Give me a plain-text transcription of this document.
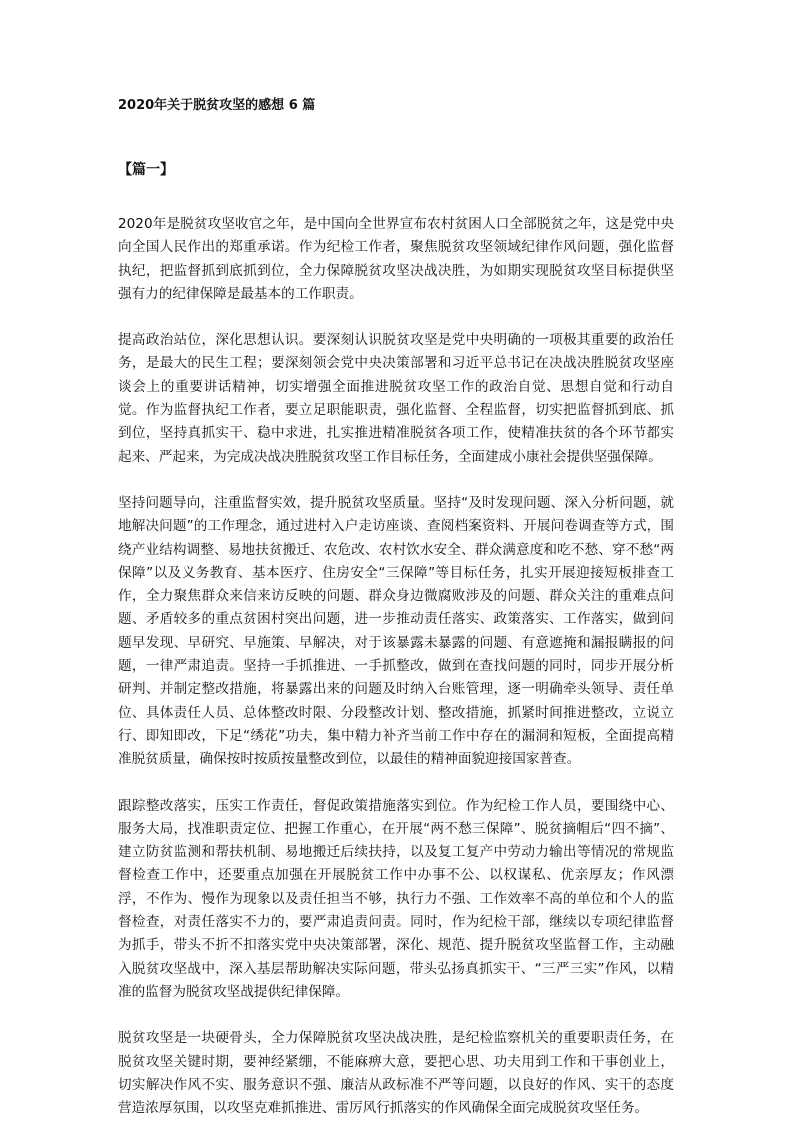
2020年关于脱贫攻坚的感想 6 篇
【篇一】

2020年是脱贫攻坚收官之年，是中国向全世界宣布农村贫困人口全部脱贫之年，这是党中央向全国人民作出的郑重承诺。作为纪检工作者，聚焦脱贫攻坚领域纪律作风问题，强化监督执纪，把监督抓到底抓到位，全力保障脱贫攻坚决战决胜，为如期实现脱贫攻坚目标提供坚强有力的纪律保障是最基本的工作职责。

提高政治站位，深化思想认识。要深刻认识脱贫攻坚是党中央明确的一项极其重要的政治任务，是最大的民生工程；要深刻领会党中央决策部署和习近平总书记在决战决胜脱贫攻坚座谈会上的重要讲话精神，切实增强全面推进脱贫攻坚工作的政治自觉、思想自觉和行动自觉。作为监督执纪工作者，要立足职能职责，强化监督、全程监督，切实把监督抓到底、抓到位，坚持真抓实干、稳中求进，扎实推进精准脱贫各项工作，使精准扶贫的各个环节都实起来、严起来，为完成决战决胜脱贫攻坚工作目标任务，全面建成小康社会提供坚强保障。

坚持问题导向，注重监督实效，提升脱贫攻坚质量。坚持“及时发现问题、深入分析问题，就地解决问题”的工作理念，通过进村入户走访座谈、查阅档案资料、开展问卷调查等方式，围绕产业结构调整、易地扶贫搬迁、农危改、农村饮水安全、群众满意度和吃不愁、穿不愁“两保障”以及义务教育、基本医疗、住房安全“三保障”等目标任务，扎实开展迎接短板排查工作，全力聚焦群众来信来访反映的问题、群众身边微腐败涉及的问题、群众关注的重难点问题、矛盾较多的重点贫困村突出问题，进一步推动责任落实、政策落实、工作落实，做到问题早发现、早研究、早施策、早解决，对于该暴露未暴露的问题、有意遮掩和漏报瞒报的问题，一律严肃追责。坚持一手抓推进、一手抓整改，做到在查找问题的同时，同步开展分析研判、并制定整改措施，将暴露出来的问题及时纳入台账管理，逐一明确牵头领导、责任单位、具体责任人员、总体整改时限、分段整改计划、整改措施，抓紧时间推进整改，立说立行、即知即改，下足“绣花”功夫，集中精力补齐当前工作中存在的漏洞和短板，全面提高精准脱贫质量，确保按时按质按量整改到位，以最佳的精神面貌迎接国家普查。

跟踪整改落实，压实工作责任，督促政策措施落实到位。作为纪检工作人员，要围绕中心、服务大局，找准职责定位、把握工作重心，在开展“两不愁三保障”、脱贫摘帽后“四不摘”、建立防贫监测和帮扶机制、易地搬迁后续扶持，以及复工复产中劳动力输出等情况的常规监督检查工作中，还要重点加强在开展脱贫工作中办事不公、以权谋私、优亲厚友；作风漂浮，不作为、慢作为现象以及责任担当不够，执行力不强、工作效率不高的单位和个人的监督检查，对责任落实不力的，要严肃追责问责。同时，作为纪检干部，继续以专项纪律监督为抓手，带头不折不扣落实党中央决策部署，深化、规范、提升脱贫攻坚监督工作，主动融入脱贫攻坚战中，深入基层帮助解决实际问题，带头弘扬真抓实干、“三严三实”作风，以精准的监督为脱贫攻坚战提供纪律保障。

脱贫攻坚是一块硬骨头，全力保障脱贫攻坚决战决胜，是纪检监察机关的重要职责任务，在脱贫攻坚关键时期，要神经紧绷，不能麻痹大意，要把心思、功夫用到工作和干事创业上，切实解决作风不实、服务意识不强、廉洁从政标准不严等问题，以良好的作风、实干的态度营造浓厚氛围，以攻坚克难抓推进、雷厉风行抓落实的作风确保全面完成脱贫攻坚任务。
